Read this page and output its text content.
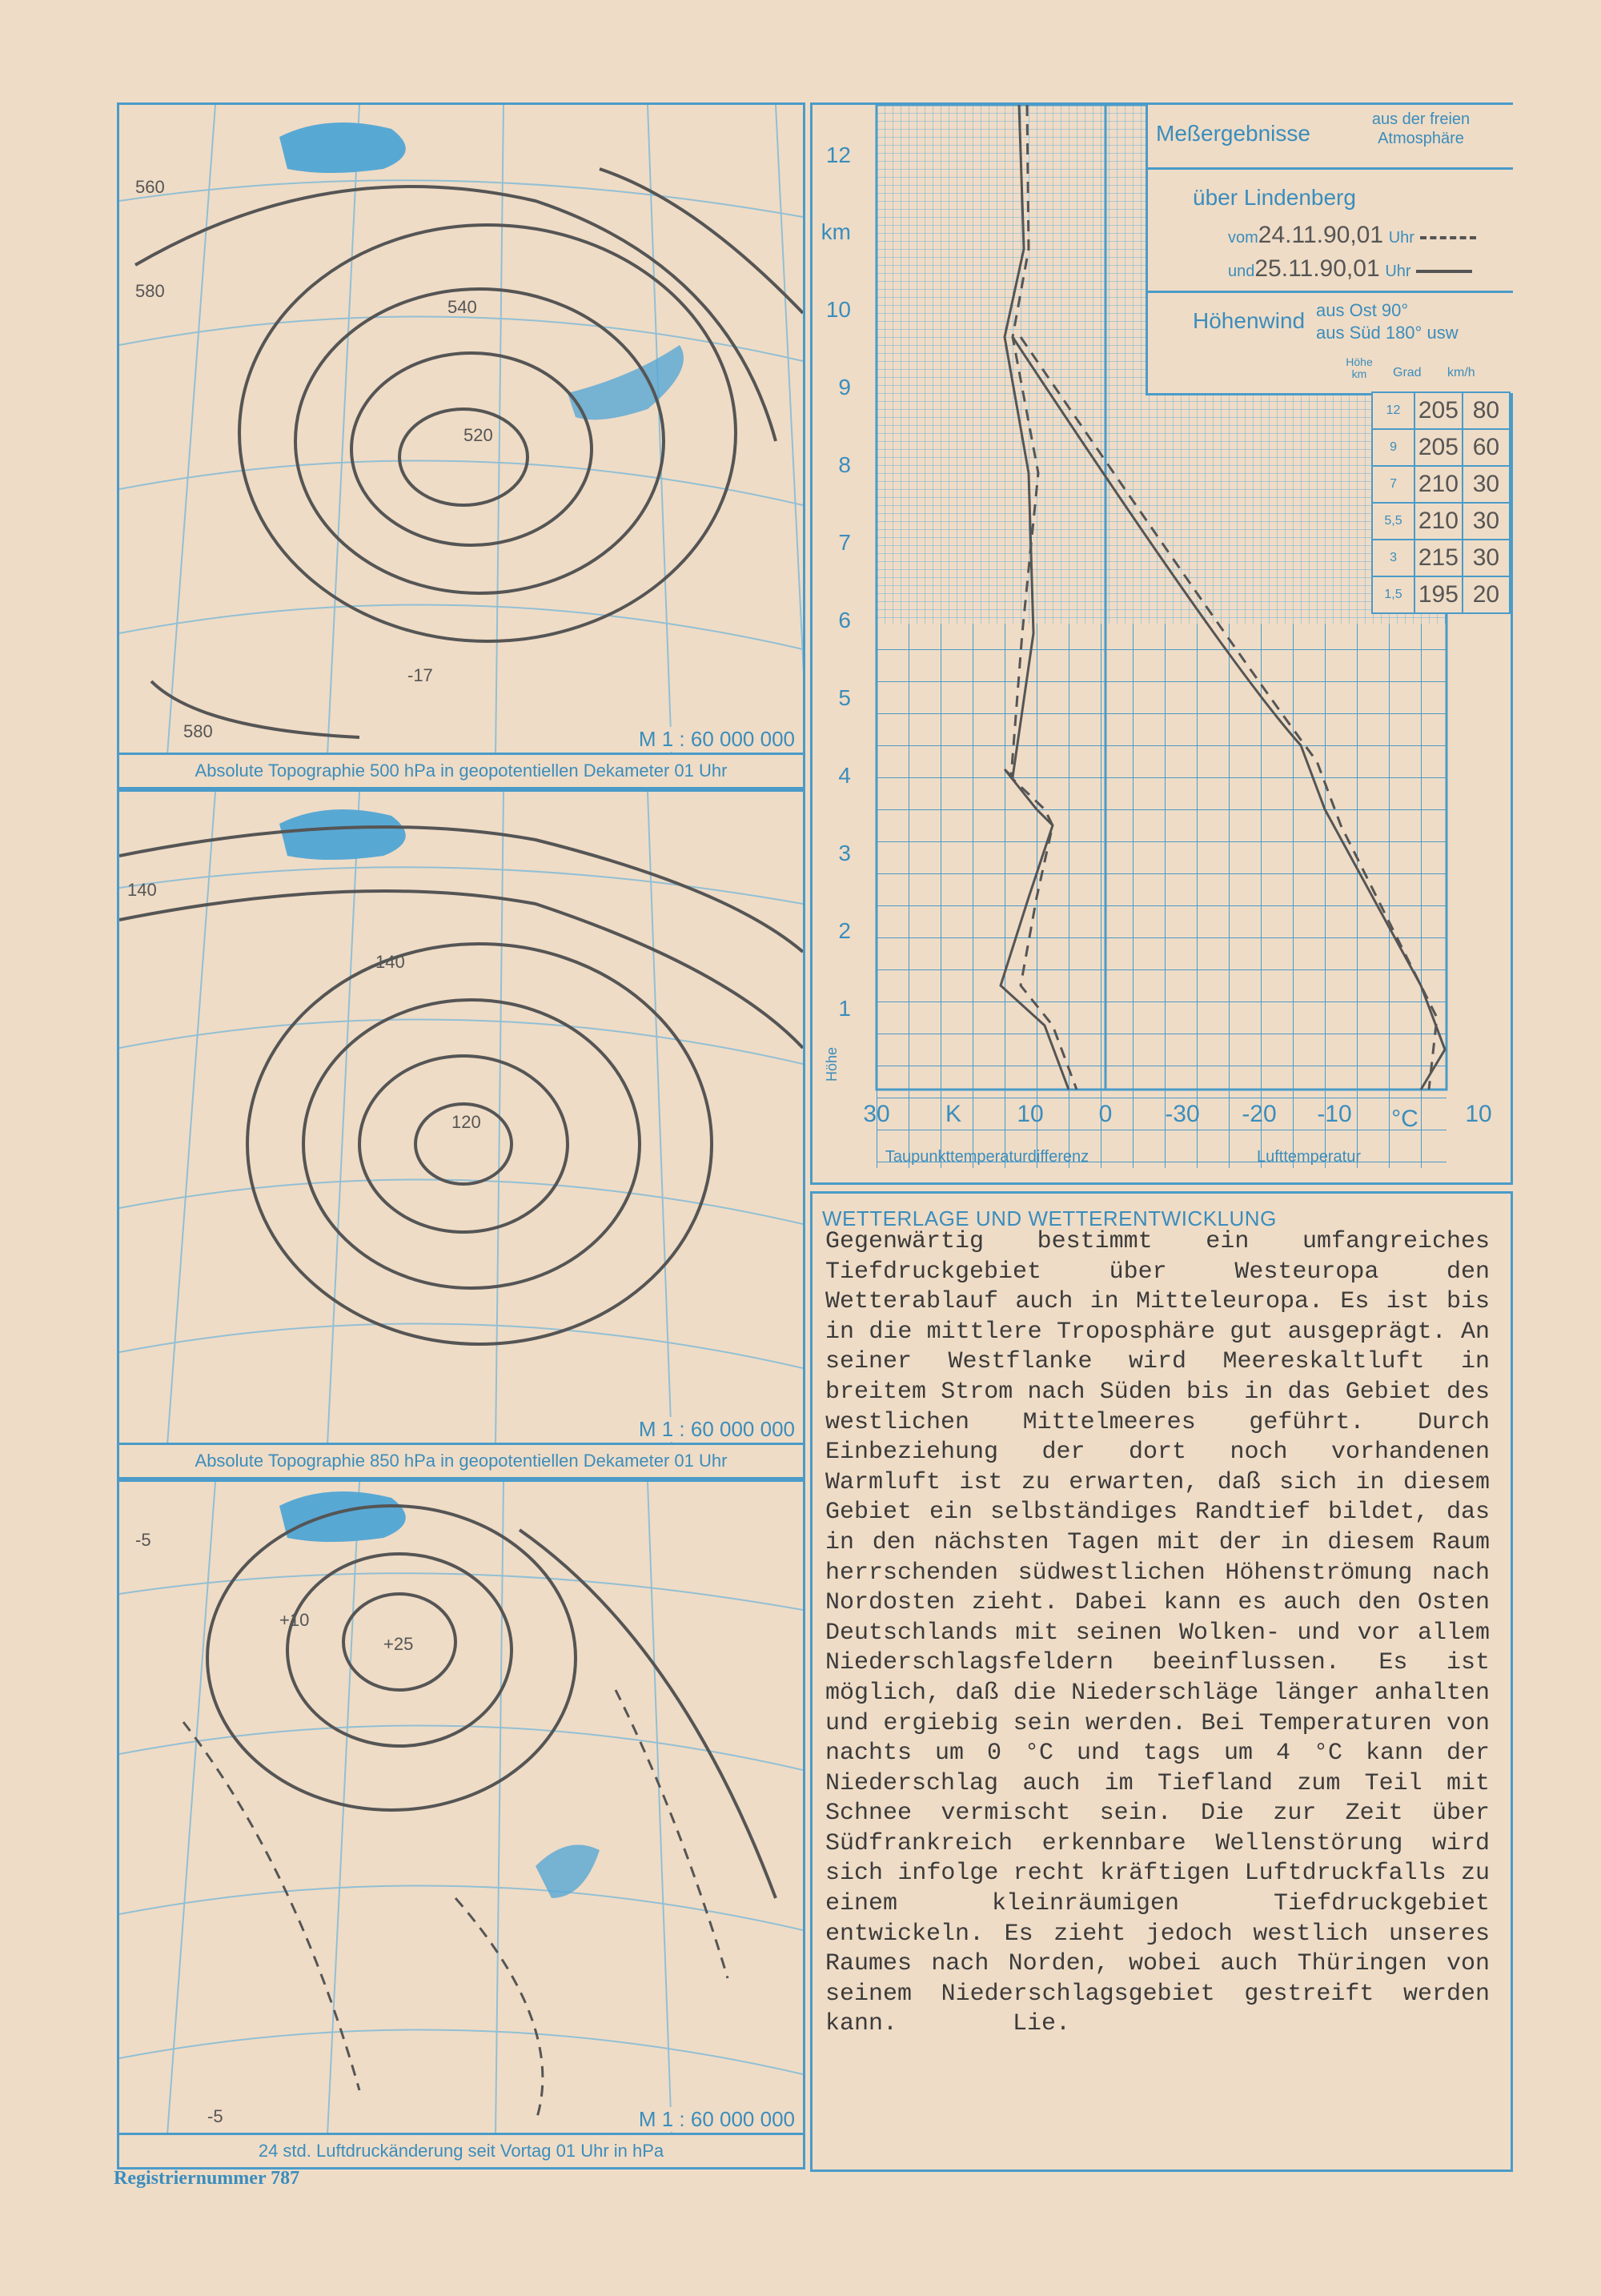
520
540
560
580
580
-17
M 1 : 60 000 000
Absolute Topographie 500 hPa in geopotentiellen Dekameter 01 Uhr
120
140
140
M 1 : 60 000 000
Absolute Topographie 850 hPa in geopotentiellen Dekameter 01 Uhr
+25
+10
-5
-5	M 1 : 60 000 000
24 std. Luftdruckänderung seit Vortag 01 Uhr in hPa
12
km
10
9
8
7
6
5
4
3
2
1
Höhe
30 K 10 0 -30 -20 -10 °C 10
Taupunkttemperaturdifferenz	Lufttemperatur
Meßergebnisse
aus der freien Atmosphäre
über Lindenberg
vom24.11.90,01 Uhr
und25.11.90,01 Uhr
Höhenwind aus Ost 90°
aus Süd 180° usw
Höhe km	Grad km/h
12	205	80
9	205	60
7	210	30
5,5	210	30
3	215	30
1,5	195	20
WETTERLAGE UND WETTERENTWICKLUNG
Gegenwärtig bestimmt ein umfangreiches Tiefdruckgebiet über Westeuropa den Wetterablauf auch in Mitteleuropa. Es ist bis in die mittlere Troposphäre gut ausgeprägt. An seiner Westflanke wird Meereskaltluft in breitem Strom nach Süden bis in das Gebiet des westlichen Mittelmeeres geführt. Durch Einbeziehung der dort noch vorhandenen Warmluft ist zu erwarten, daß sich in diesem Gebiet ein selbständiges Randtief bildet, das in den nächsten Tagen mit der in diesem Raum herrschenden südwestlichen Höhenströmung nach Nordosten zieht. Dabei kann es auch den Osten Deutschlands mit seinen Wolken- und vor allem Niederschlagsfeldern beeinflussen. Es ist möglich, daß die Niederschläge länger anhalten und ergiebig sein werden. Bei Temperaturen von nachts um 0 °C und tags um 4 °C kann der Niederschlag auch im Tiefland zum Teil mit Schnee vermischt sein. Die zur Zeit über Südfrankreich erkennbare Wellenstörung wird sich infolge recht kräftigen Luftdruckfalls zu einem kleinräumigen Tiefdruckgebiet entwickeln. Es zieht jedoch westlich unseres Raumes nach Norden, wobei auch Thüringen von seinem Niederschlagsgebiet gestreift werden kann.	Lie.
Registriernummer 787
